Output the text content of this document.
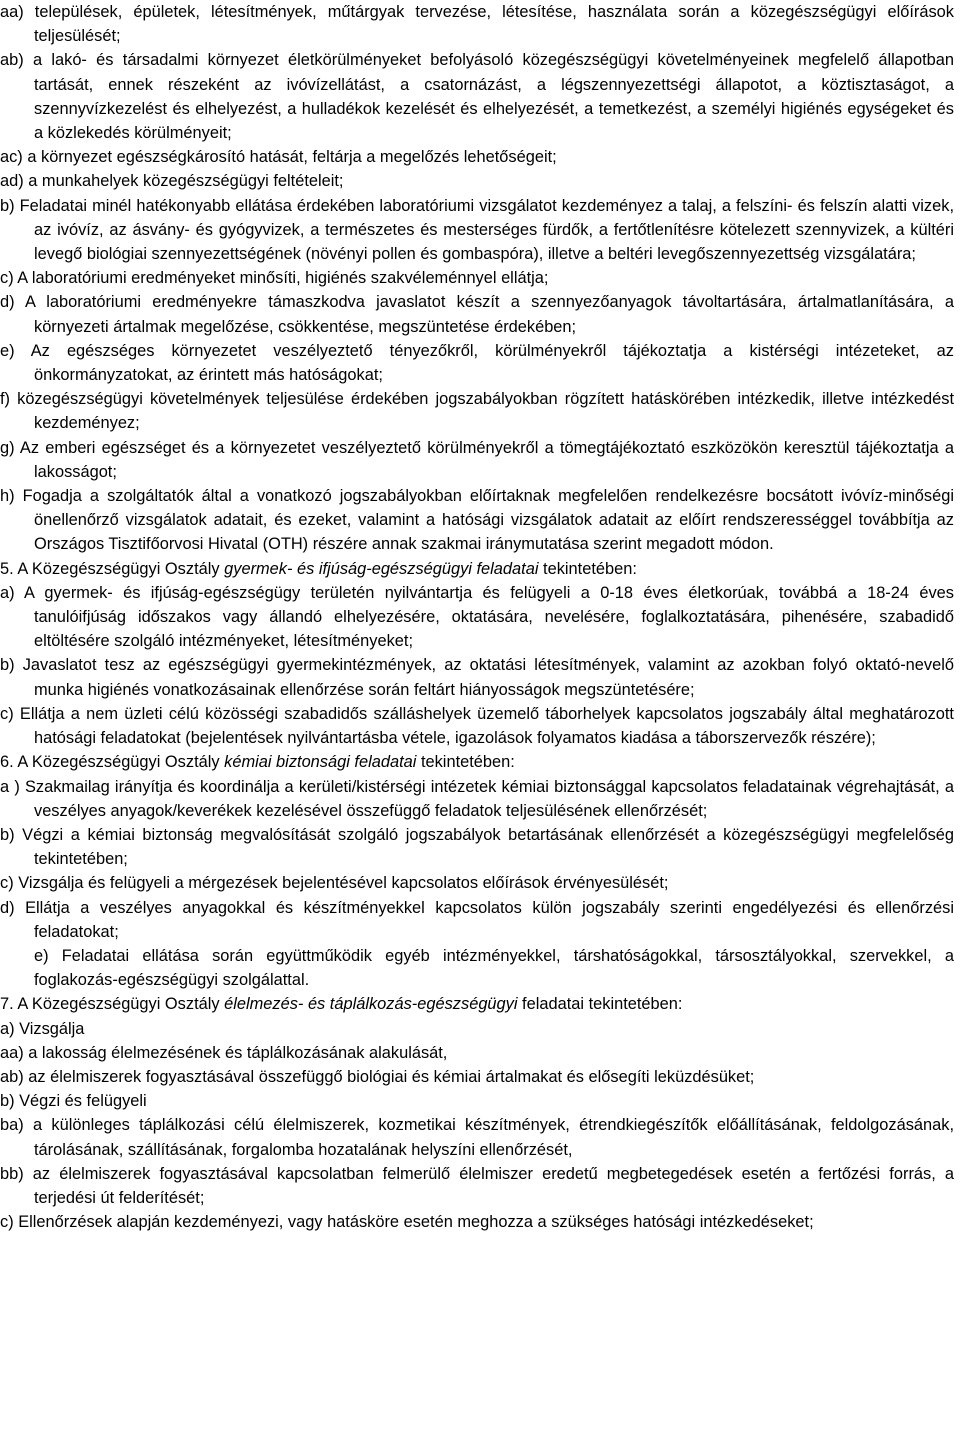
aa) települések, épületek, létesítmények, műtárgyak tervezése, létesítése, használata során a közegészségügyi előírások teljesülését;

ab) a lakó- és társadalmi környezet életkörülményeket befolyásoló közegészségügyi követelményeinek megfelelő állapotban tartását, ennek részeként az ivóvízellátást, a csatornázást, a légszennyezettségi állapotot, a köztisztaságot, a szennyvízkezelést és elhelyezést, a hulladékok kezelését és elhelyezését, a temetkezést, a személyi higiénés egységeket és a közlekedés körülményeit;

ac) a környezet egészségkárosító hatását, feltárja a megelőzés lehetőségeit;

ad) a munkahelyek közegészségügyi feltételeit;

b) Feladatai minél hatékonyabb ellátása érdekében laboratóriumi vizsgálatot kezdeményez a talaj, a felszíni- és felszín alatti vizek, az ivóvíz, az ásvány- és gyógyvizek, a természetes és mesterséges fürdők, a fertőtlenítésre kötelezett szennyvizek, a kültéri levegő biológiai szennyezettségének (növényi pollen és gombaspóra), illetve a beltéri levegőszennyezettség vizsgálatára;

c) A laboratóriumi eredményeket minősíti, higiénés szakvéleménnyel ellátja;

d) A laboratóriumi eredményekre támaszkodva javaslatot készít a szennyezőanyagok távoltartására, ártalmatlanítására, a környezeti ártalmak megelőzése, csökkentése, megszüntetése érdekében;

e) Az egészséges környezetet veszélyeztető tényezőkről, körülményekről tájékoztatja a kistérségi intézeteket, az önkormányzatokat, az érintett más hatóságokat;

f) közegészségügyi követelmények teljesülése érdekében jogszabályokban rögzített hatáskörében intézkedik, illetve intézkedést kezdeményez;

g) Az emberi egészséget és a környezetet veszélyeztető körülményekről a tömegtájékoztató eszközökön keresztül tájékoztatja a lakosságot;

h) Fogadja a szolgáltatók által a vonatkozó jogszabályokban előírtaknak megfelelően rendelkezésre bocsátott ivóvíz-minőségi önellenőrző vizsgálatok adatait, és ezeket, valamint a hatósági vizsgálatok adatait az előírt rendszerességgel továbbítja az Országos Tisztifőorvosi Hivatal (OTH) részére annak szakmai iránymutatása szerint megadott módon.

5. A Közegészségügyi Osztály gyermek- és ifjúság-egészségügyi feladatai tekintetében:

a) A gyermek- és ifjúság-egészségügy területén nyilvántartja és felügyeli a 0-18 éves életkorúak, továbbá a 18-24 éves tanulóifjúság időszakos vagy állandó elhelyezésére, oktatására, nevelésére, foglalkoztatására, pihenésére, szabadidő eltöltésére szolgáló intézményeket, létesítményeket;

b) Javaslatot tesz az egészségügyi gyermekintézmények, az oktatási létesítmények, valamint az azokban folyó oktató-nevelő munka higiénés vonatkozásainak ellenőrzése során feltárt hiányosságok megszüntetésére;

c) Ellátja a nem üzleti célú közösségi szabadidős szálláshelyek üzemelő táborhelyek kapcsolatos jogszabály által meghatározott hatósági feladatokat (bejelentések nyilvántartásba vétele, igazolások folyamatos kiadása a táborszervezők részére);

6. A Közegészségügyi Osztály kémiai biztonsági feladatai tekintetében:

a ) Szakmailag irányítja és koordinálja a kerületi/kistérségi intézetek kémiai biztonsággal kapcsolatos feladatainak végrehajtását, a veszélyes anyagok/keverékek kezelésével összefüggő feladatok teljesülésének ellenőrzését;

b) Végzi a kémiai biztonság megvalósítását szolgáló jogszabályok betartásának ellenőrzését a közegészségügyi megfelelőség tekintetében;

c) Vizsgálja és felügyeli a mérgezések bejelentésével kapcsolatos előírások érvényesülését;

d) Ellátja a veszélyes anyagokkal és készítményekkel kapcsolatos külön jogszabály szerinti engedélyezési és ellenőrzési feladatokat;

e) Feladatai ellátása során együttműködik egyéb intézményekkel, társhatóságokkal, társosztályokkal, szervekkel, a foglakozás-egészségügyi szolgálattal.

7. A Közegészségügyi Osztály élelmezés- és táplálkozás-egészségügyi feladatai tekintetében:

a) Vizsgálja

aa) a lakosság élelmezésének és táplálkozásának alakulását,

ab) az élelmiszerek fogyasztásával összefüggő biológiai és kémiai ártalmakat és elősegíti leküzdésüket;

b) Végzi és felügyeli

ba) a különleges táplálkozási célú élelmiszerek, kozmetikai készítmények, étrendkiegészítők előállításának, feldolgozásának, tárolásának, szállításának, forgalomba hozatalának helyszíni ellenőrzését,

bb) az élelmiszerek fogyasztásával kapcsolatban felmerülő élelmiszer eredetű megbetegedések esetén a fertőzési forrás, a terjedési út felderítését;

c) Ellenőrzések alapján kezdeményezi, vagy hatásköre esetén meghozza a szükséges hatósági intézkedéseket;
